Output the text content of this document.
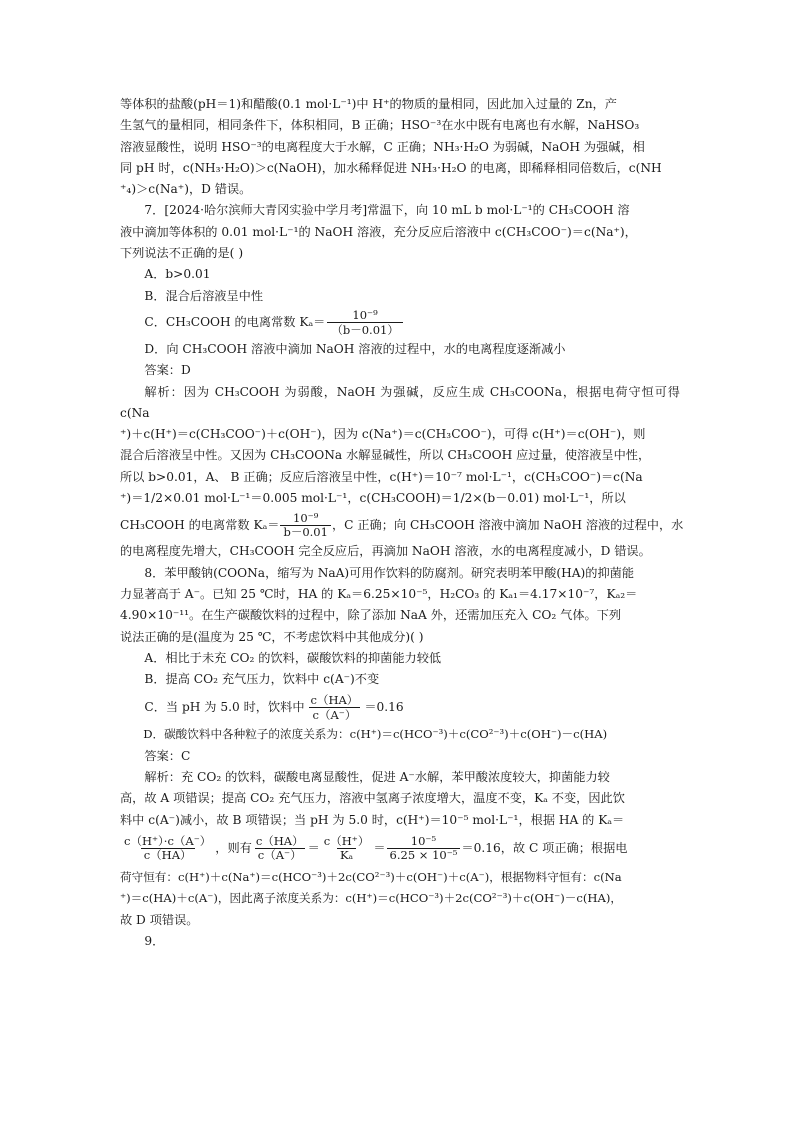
等体积的盐酸(pH＝1)和醋酸(0.1 mol·L⁻¹)中 H⁺的物质的量相同，因此加入过量的 Zn，产

生氢气的量相同，相同条件下，体积相同，B 正确；HSO⁻³在水中既有电离也有水解，NaHSO₃

溶液显酸性，说明 HSO⁻³的电离程度大于水解，C 正确；NH₃·H₂O 为弱碱，NaOH 为强碱，相

同 pH 时，c(NH₃·H₂O)＞c(NaOH)，加水稀释促进 NH₃·H₂O 的电离，即稀释相同倍数后，c(NH

⁺₄)＞c(Na⁺)，D 错误。

7．[2024·哈尔滨师大青冈实验中学月考]常温下，向 10 mL b mol·L⁻¹的 CH₃COOH 溶

液中滴加等体积的 0.01 mol·L⁻¹的 NaOH 溶液，充分反应后溶液中 c(CH₃COO⁻)＝c(Na⁺)，

下列说法不正确的是( )

A．b>0.01

B．混合后溶液呈中性

C．CH₃COOH 的电离常数 $K_a= \frac{\text{10⁻⁹}}{(b-0.01)}$

D．向 CH₃COOH 溶液中滴加 NaOH 溶液的过程中，水的电离程度逐渐减小

答案：D

解析：因为 CH₃COOH 为弱酸，NaOH 为强碱，反应生成 CH₃COONa，根据电荷守恒可得 c(Na

⁺)＋c(H⁺)＝c(CH₃COO⁻)＋c(OH⁻)，因为 c(Na⁺)＝c(CH₃COO⁻)，可得 c(H⁺)＝c(OH⁻)，则

混合后溶液呈中性。又因为 CH₃COONa 水解显碱性，所以 CH₃COOH 应过量，使溶液呈中性，

所以 b>0.01，A、 B 正确；反应后溶液呈中性，c(H⁺)＝10⁻⁷ mol·L⁻¹，c(CH₃COO⁻)＝c(Na

⁺)＝1/2×0.01 mol·L⁻¹＝0.005 mol·L⁻¹，c(CH₃COOH)＝1/2×(b－0.01) mol·L⁻¹，所以

CH₃COOH 的电离常数 $K_a= \frac{\text{10⁻⁹}}{b-0.01}$ ，C 正确；向 CH₃COOH 溶液中滴加 NaOH 溶液的过程中，水

的电离程度先增大，CH₃COOH 完全反应后，再滴加 NaOH 溶液，水的电离程度减小，D 错误。

8．苯甲酸钠(COONa，缩写为 NaA)可用作饮料的防腐剂。研究表明苯甲酸(HA)的抑菌能

力显著高于 A⁻。已知 25 ℃时，HA 的 Kₐ＝6.25×10⁻⁵，H₂CO₃ 的 Kₐ₁＝4.17×10⁻⁷，Kₐ₂＝

4.90×10⁻¹¹。在生产碳酸饮料的过程中，除了添加 NaA 外，还需加压充入 CO₂ 气体。下列

说法正确的是(温度为 25 ℃，不考虑饮料中其他成分)( )

A．相比于未充 CO₂ 的饮料，碳酸饮料的抑菌能力较低

B．提高 CO₂ 充气压力，饮料中 c(A⁻)不变

C．当 pH 为 5.0 时，饮料中 $\frac{c(HA)}{c(A^-)} =0.16$

D．碳酸饮料中各种粒子的浓度关系为：c(H⁺)＝c(HCO⁻³)＋c(CO²⁻³)＋c(OH⁻)－c(HA)

答案：C

解析：充 CO₂ 的饮料，碳酸电离显酸性，促进 A⁻水解，苯甲酸浓度较大，抑菌能力较

高，故 A 项错误；提高 CO₂ 充气压力，溶液中氢离子浓度增大，温度不变，Kₐ 不变，因此饮

料中 c(A⁻)减小，故 B 项错误；当 pH 为 5.0 时，c(H⁺)＝10⁻⁵ mol·L⁻¹，根据 HA 的 Kₐ＝

$\frac{c(H^+)\cdot c(A^-)}{c(HA)}$ ，则有 $\frac{c(HA)}{c(A^-)} = \frac{c(H^+)}{\text{Kₐ}} = \frac{\text{10⁻⁵}}{\text{6.25 × 10⁻⁵}} =0.16$，故 C 项正确；根据电

荷守恒有：c(H⁺)＋c(Na⁺)＝c(HCO⁻³)＋2c(CO²⁻³)＋c(OH⁻)＋c(A⁻)，根据物料守恒有：c(Na

⁺)＝c(HA)＋c(A⁻)，因此离子浓度关系为：c(H⁺)＝c(HCO⁻³)＋2c(CO²⁻³)＋c(OH⁻)－c(HA)，

故 D 项错误。

9．
